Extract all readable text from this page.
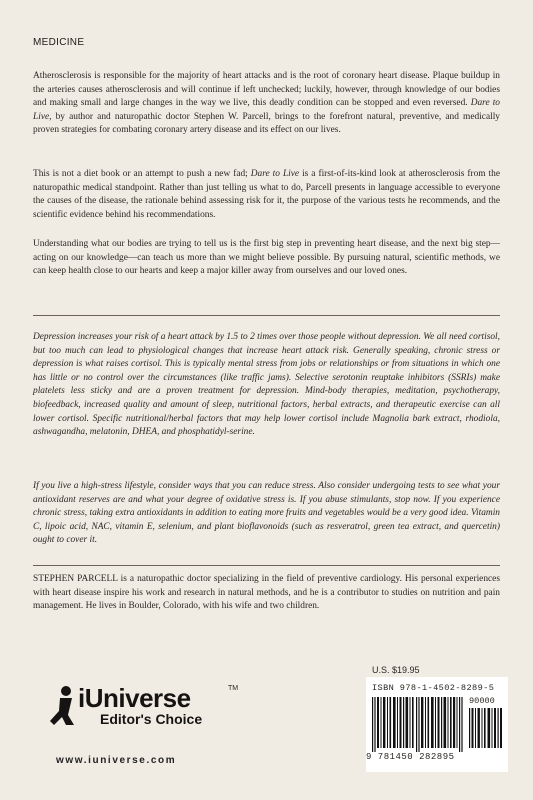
MEDICINE

Atherosclerosis is responsible for the majority of heart attacks and is the root of coronary heart disease. Plaque buildup in the arteries causes atherosclerosis and will continue if left unchecked; luckily, however, through knowledge of our bodies and making small and large changes in the way we live, this deadly condition can be stopped and even reversed. Dare to Live, by author and naturopathic doctor Stephen W. Parcell, brings to the forefront natural, preventive, and medically proven strategies for combating coronary artery disease and its effect on our lives.

This is not a diet book or an attempt to push a new fad; Dare to Live is a first-of-its-kind look at atherosclerosis from the naturopathic medical standpoint. Rather than just telling us what to do, Parcell presents in language accessible to everyone the causes of the disease, the rationale behind assessing risk for it, the purpose of the various tests he recommends, and the scientific evidence behind his recommendations.

Understanding what our bodies are trying to tell us is the first big step in preventing heart disease, and the next big step—acting on our knowledge—can teach us more than we might believe possible. By pursuing natural, scientific methods, we can keep health close to our hearts and keep a major killer away from ourselves and our loved ones.

Depression increases your risk of a heart attack by 1.5 to 2 times over those people without depression. We all need cortisol, but too much can lead to physiological changes that increase heart attack risk. Generally speaking, chronic stress or depression is what raises cortisol. This is typically mental stress from jobs or relationships or from situations in which one has little or no control over the circumstances (like traffic jams). Selective serotonin reuptake inhibitors (SSRIs) make platelets less sticky and are a proven treatment for depression. Mind-body therapies, meditation, psychotherapy, biofeedback, increased quality and amount of sleep, nutritional factors, herbal extracts, and therapeutic exercise can all lower cortisol. Specific nutritional/herbal factors that may help lower cortisol include Magnolia bark extract, rhodiola, ashwagandha, melatonin, DHEA, and phosphatidyl-serine.

If you live a high-stress lifestyle, consider ways that you can reduce stress. Also consider undergoing tests to see what your antioxidant reserves are and what your degree of oxidative stress is. If you abuse stimulants, stop now. If you experience chronic stress, taking extra antioxidants in addition to eating more fruits and vegetables would be a very good idea. Vitamin C, lipoic acid, NAC, vitamin E, selenium, and plant bioflavonoids (such as resveratrol, green tea extract, and quercetin) ought to cover it.

STEPHEN PARCELL is a naturopathic doctor specializing in the field of preventive cardiology. His personal experiences with heart disease inspire his work and research in natural methods, and he is a contributor to studies on nutrition and pain management. He lives in Boulder, Colorado, with his wife and two children.

iUniverse	TM
Editor's Choice
www.iuniverse.com
U.S. $19.95
ISBN 978-1-4502-8289-5
90000
9 781450 282895
